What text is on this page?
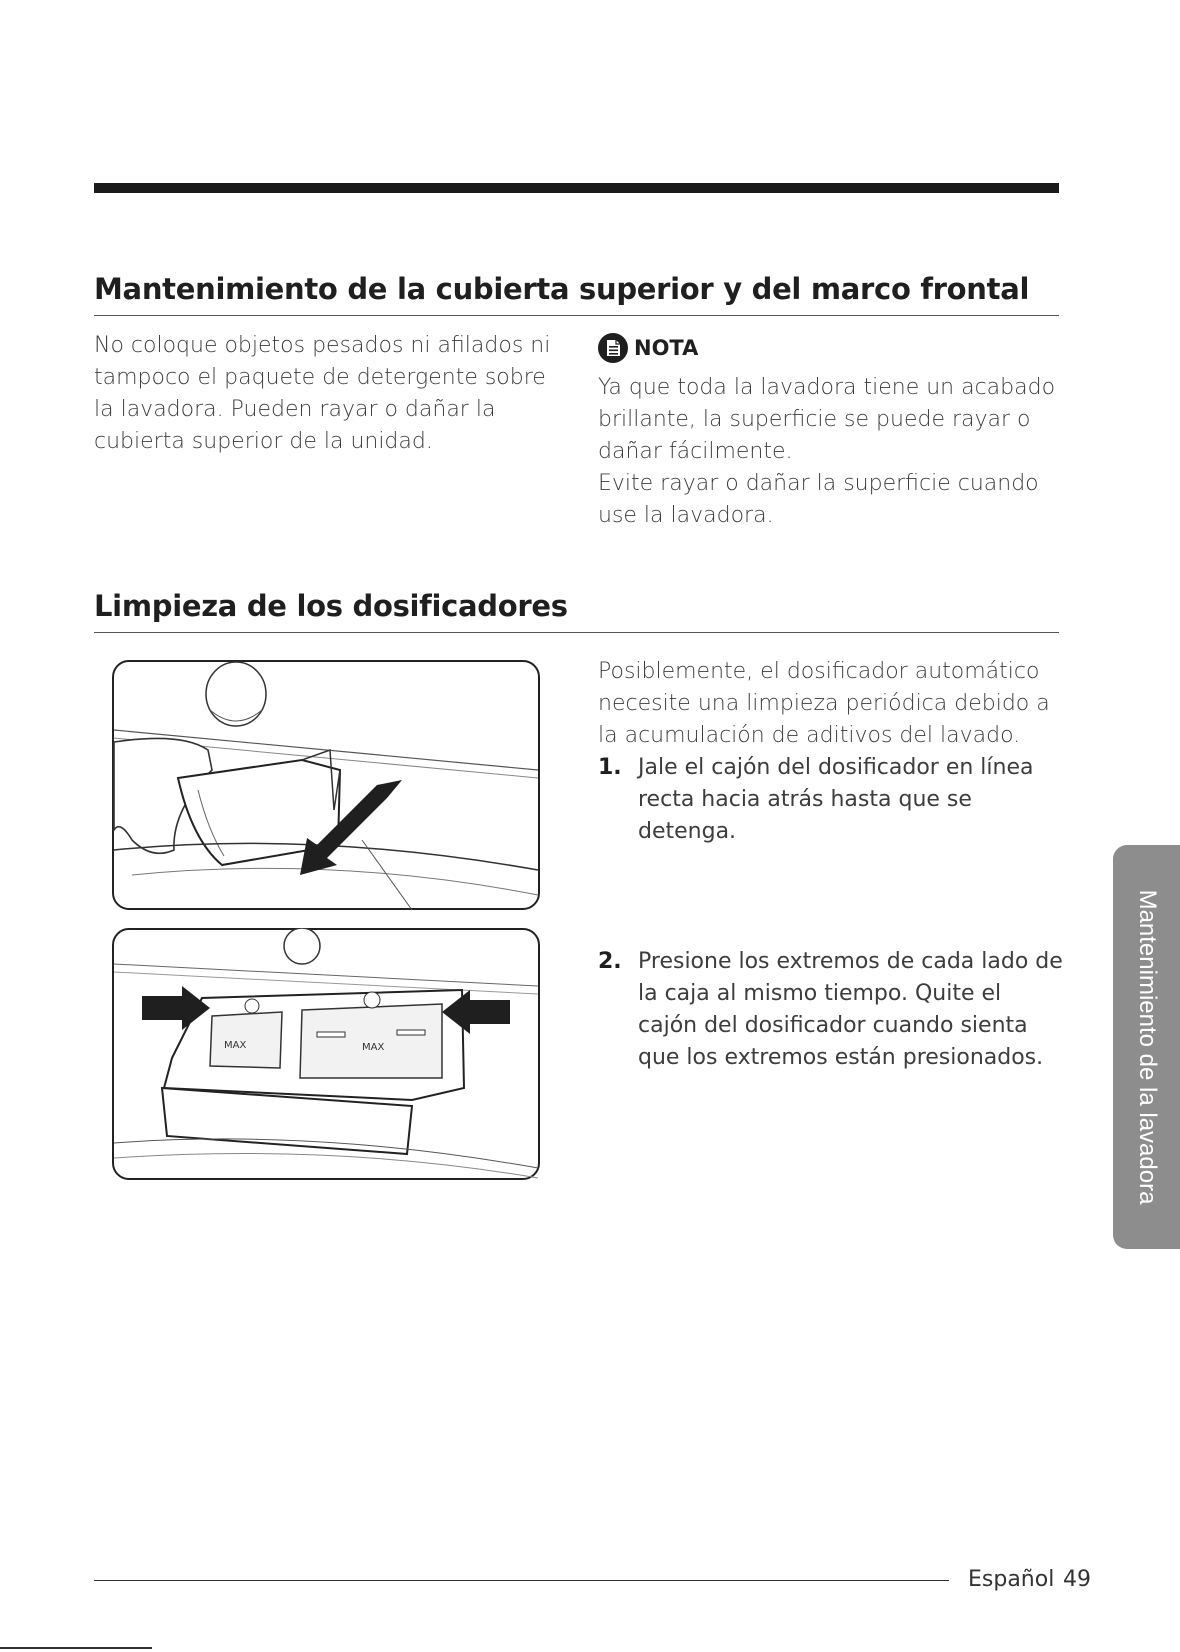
Mantenimiento de la cubierta superior y del marco frontal

No coloque objetos pesados ni afilados ni tampoco el paquete de detergente sobre la lavadora. Pueden rayar o dañar la cubierta superior de la unidad.

NOTA

Ya que toda la lavadora tiene un acabado brillante, la superficie se puede rayar o dañar fácilmente.

Evite rayar o dañar la superficie cuando use la lavadora.

Limpieza de los dosificadores
MAX	MAX

Posiblemente, el dosificador automático necesite una limpieza periódica debido a la acumulación de aditivos del lavado.

1. Jale el cajón del dosificador en línea recta hacia atrás hasta que se detenga.
2. Presione los extremos de cada lado de la caja al mismo tiempo. Quite el cajón del dosificador cuando sienta que los extremos están presionados.	Mantenimiento de la lavadora
Español 49
